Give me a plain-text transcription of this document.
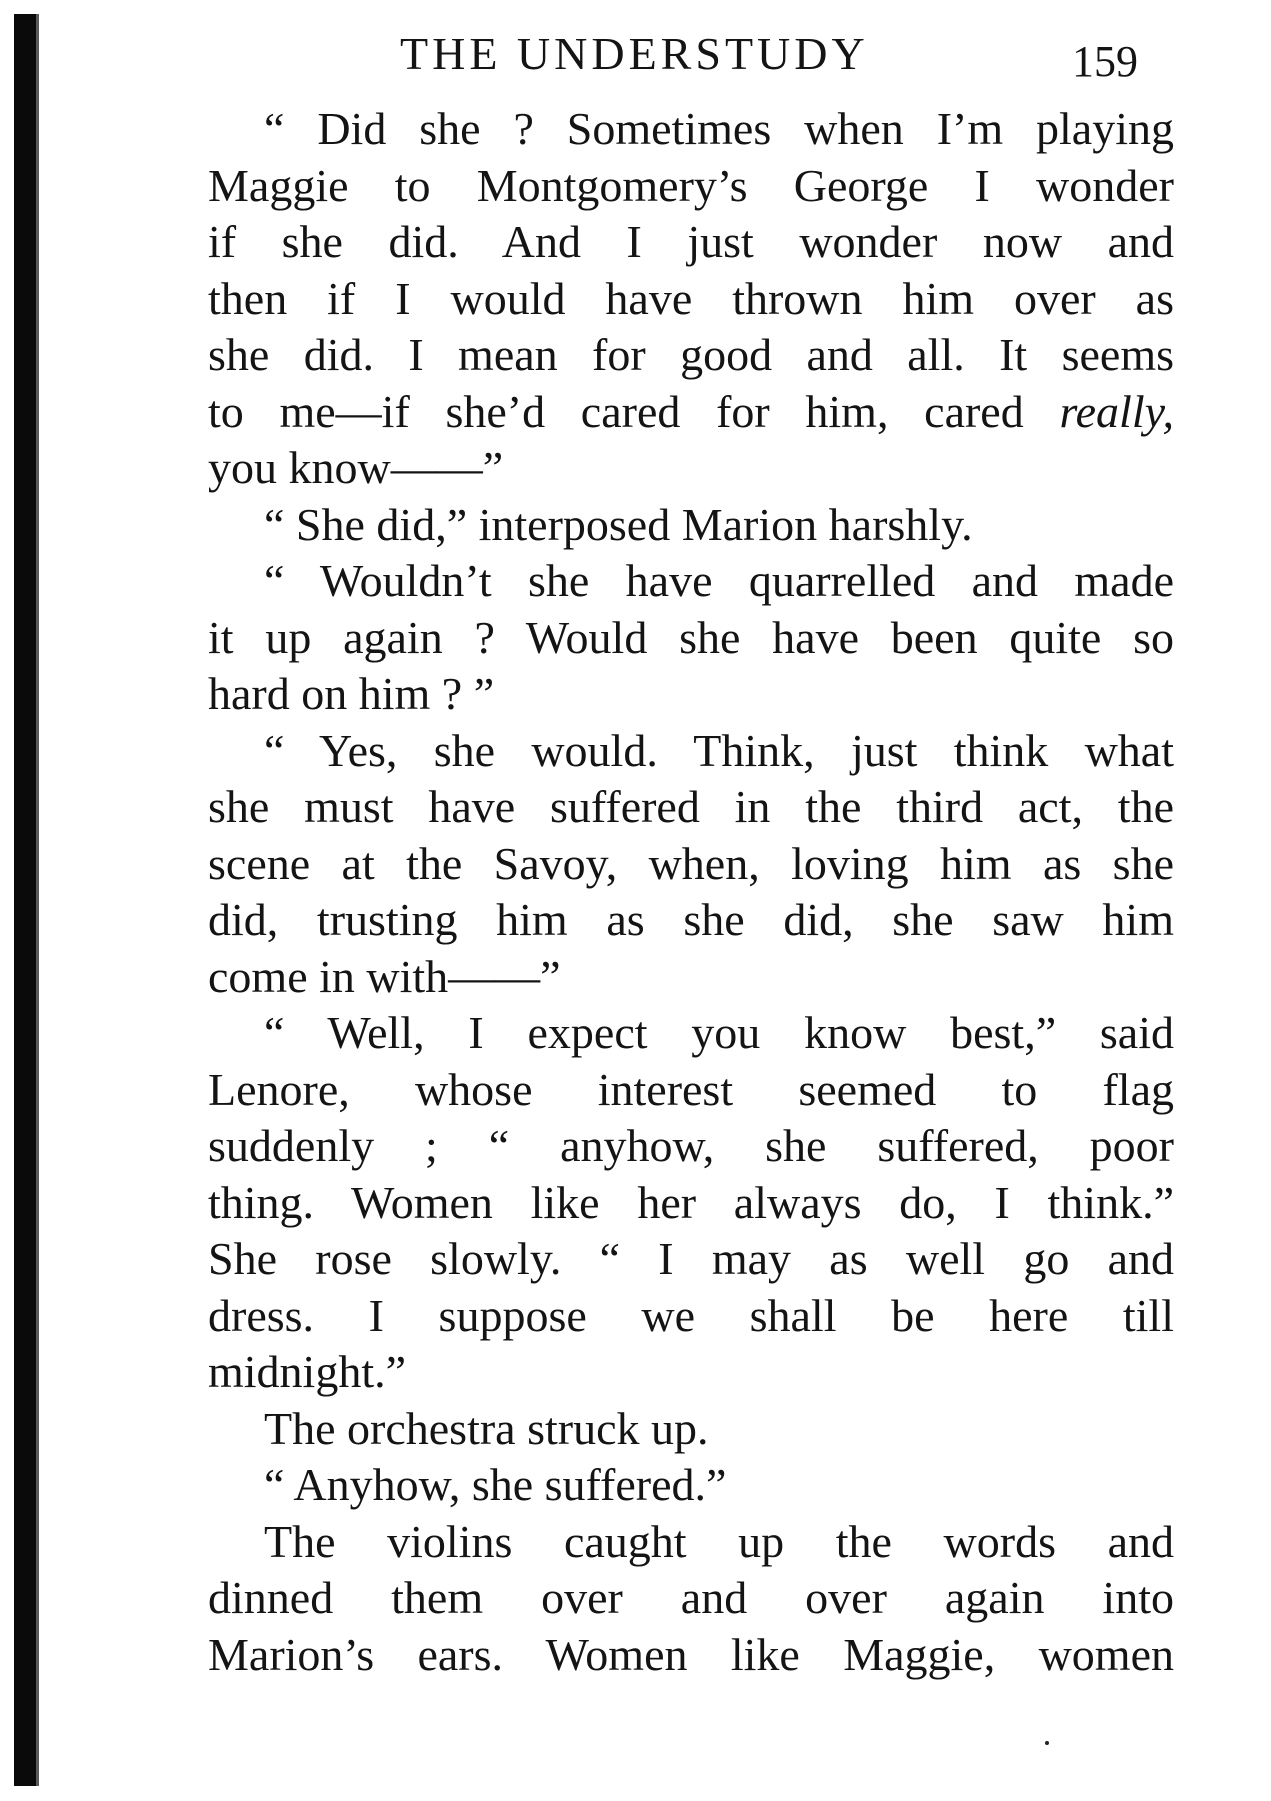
THE UNDERSTUDY	159
“ Did she ? Sometimes when I’m playing
Maggie to Montgomery’s George I wonder
if she did. And I just wonder now and
then if I would have thrown him over as
she did. I mean for good and all. It seems
to me—if she’d cared for him, cared really,
you know——”
“ She did,” interposed Marion harshly.
“ Wouldn’t she have quarrelled and made
it up again ? Would she have been quite so
hard on him ? ”
“ Yes, she would. Think, just think what
she must have suffered in the third act, the
scene at the Savoy, when, loving him as she
did, trusting him as she did, she saw him
come in with——”
“ Well, I expect you know best,” said
Lenore, whose interest seemed to flag
suddenly ; “ anyhow, she suffered, poor
thing. Women like her always do, I think.”
She rose slowly. “ I may as well go and
dress. I suppose we shall be here till
midnight.”
The orchestra struck up.
“ Anyhow, she suffered.”
The violins caught up the words and
dinned them over and over again into
Marion’s ears. Women like Maggie, women
